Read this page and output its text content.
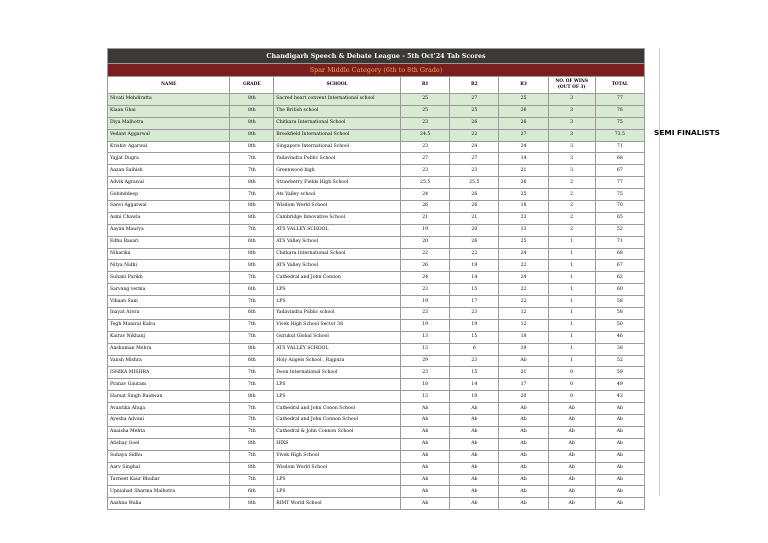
Chandigarh Speech & Debate League - 5th Oct'24 Tab Scores							
Spar Middle Category (6th to 8th Grade)							
NAME	GRADE	SCHOOL	R1	R2	R3	NO. OF WINS (OUT OF 3)	TOTAL
Nivati Mehdiratta	8th	Sacred heart convent International school	25	27	25	3	77
Kiaan Ghai	8th	The British school	25	25	26	3	76
Diya Malhotra	8th	Chitkara International School	23	26	26	3	75
Vedant Aggarwal	8th	Brookfield International School	24.5	22	27	3	73.5
Krishiv Agarwal	8th	Singapore International School	23	24	24	3	71
Yajjat Dugra	7th	Yadavindra Public School	27	27	14	3	68
Aazan Saihish	7th	Greenwood high	23	23	21	3	67
Advik Agrawal	8th	Strawberry Fields High School	25.5	25.5	26	2	77
Gobinddeep	7th	Ats Valley school	24	26	25	2	75
Sanvi Aggarwal	8th	Wisdom World School	26	26	18	2	70
Asmi Chawla	8th	Cambridge Innovative School	21	21	23	2	65
Aayan Maurya	7th	ATS VALLEY SCHOOL	19	20	13	2	52
Edhu Basari	6th	ATS Valley School	20	26	25	1	71
Niharika	8th	Chitkara International School	22	22	24	1	68
Nitya Nidhi	8th	ATS Valley School	26	19	22	1	67
Suhani Parikh	7th	Cathedral and John Connon	24	14	24	1	62
Sarvang verma	6th	LPS	23	15	22	1	60
Vihaan Sain	7th	LPS	19	17	22	1	58
Inayat Arora	6th	Yadavindra Public school	23	23	12	1	58
Tegh Maniral Kalra	7th	Vivek High School Sector 38	19	19	12	1	50
Kairav Nikhanj	7th	Gurukul Global School	13	15	18	1	46
Anshuman Mehra	8th	ATS VALLEY SCHOOL	13	6	19	1	38
Vansh Mishra	6th	Holy Angels School , Rajpura	29	23	Ab	1	52
ISHIKA MISHRA	7th	Doon International School	23	15	21	0	59
Pranav Gautam	7th	LPS	18	14	17	0	49
Harsat Singh Baidwan	8th	LPS	13	10	20	0	43
Avantika Ahuja	7th	Cathedral and John Conon School	Ab	Ab	Ab	Ab	Ab
Ayesha Advani	7th	Cathedral and John Connon School	Ab	Ab	Ab	Ab	Ab
Anaisha Mehta	7th	Cathedral & John Connon School	Ab	Ab	Ab	Ab	Ab
Atishay Goel	8th	HIXS	Ab	Ab	Ab	Ab	Ab
Suhaya Sidhu	7th	Vivek High School	Ab	Ab	Ab	Ab	Ab
Aarv Singhal	8th	Wisdom World School	Ab	Ab	Ab	Ab	Ab
Tavneet Kaur Bhullar	7th	LPS	Ab	Ab	Ab	Ab	Ab
Upniahad Sharma Malhotra	6th	LPS	Ab	Ab	Ab	Ab	Ab
Aashna Walia	8th	RIMT World School	Ab	Ab	Ab	Ab	Ab
SEMI FINALISTS
